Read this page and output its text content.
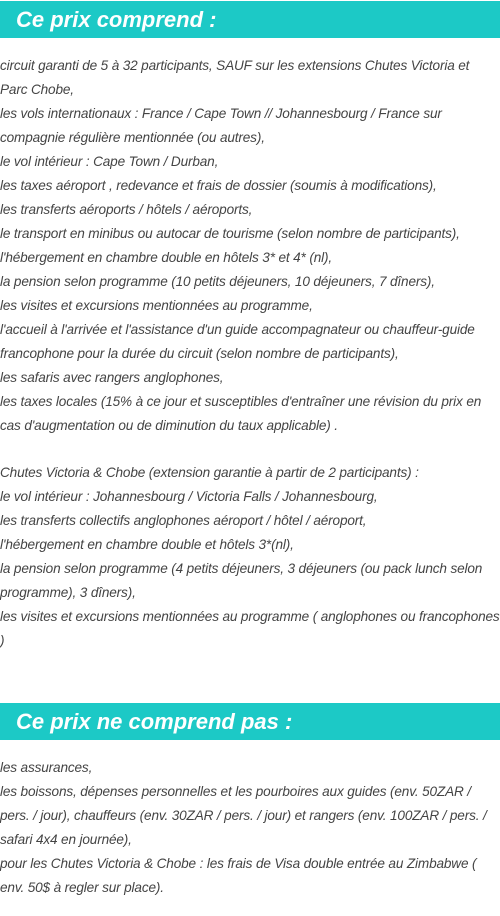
Ce prix comprend :
circuit garanti de 5 à 32 participants, SAUF sur les extensions Chutes Victoria et Parc Chobe,
les vols internationaux : France / Cape Town // Johannesbourg / France sur compagnie régulière mentionnée (ou autres),
le vol intérieur : Cape Town / Durban,
les taxes aéroport , redevance et frais de dossier (soumis à modifications),
les transferts aéroports / hôtels / aéroports,
le transport en minibus ou autocar de tourisme (selon nombre de participants),
l'hébergement en chambre double en hôtels 3* et 4* (nl),
la pension selon programme (10 petits déjeuners, 10 déjeuners, 7 dîners),
les visites et excursions mentionnées au programme,
l'accueil à l'arrivée et l'assistance d'un guide accompagnateur ou chauffeur-guide francophone pour la durée du circuit (selon nombre de participants),
les safaris avec rangers anglophones,
les taxes locales (15% à ce jour et susceptibles d'entraîner une révision du prix en cas d'augmentation ou de diminution du taux applicable) .
Chutes Victoria & Chobe (extension garantie à partir de 2 participants) :
le vol intérieur : Johannesbourg / Victoria Falls / Johannesbourg,
les transferts collectifs anglophones aéroport / hôtel / aéroport,
l'hébergement en chambre double et hôtels 3*(nl),
la pension selon programme (4 petits déjeuners, 3 déjeuners (ou pack lunch selon programme), 3 dîners),
les visites et excursions mentionnées au programme ( anglophones ou francophones )
Ce prix ne comprend pas :
les assurances,
les boissons, dépenses personnelles et les pourboires aux guides (env. 50ZAR / pers. / jour), chauffeurs (env. 30ZAR / pers. / jour) et rangers (env. 100ZAR / pers. / safari 4x4 en journée),
pour les Chutes Victoria & Chobe : les frais de Visa double entrée au Zimbabwe ( env. 50$ à regler sur place).
